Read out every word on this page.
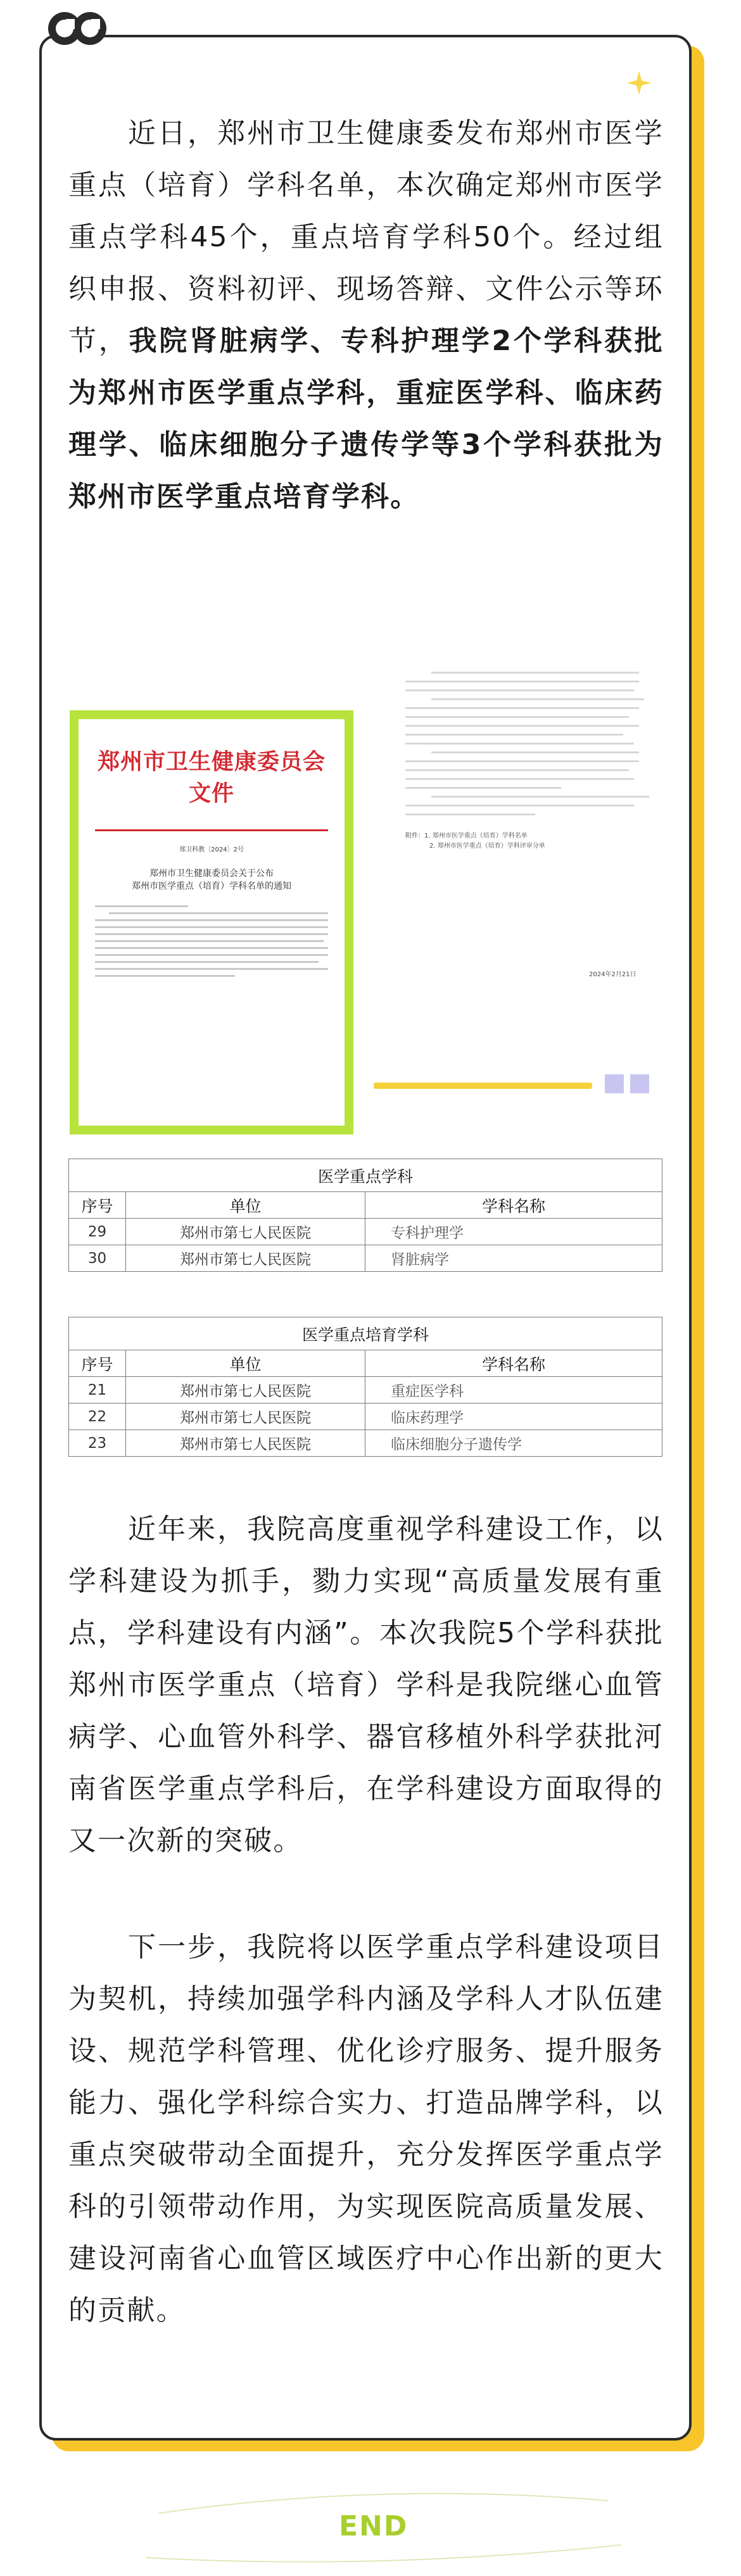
近日，郑州市卫生健康委发布郑州市医学重点（培育）学科名单，本次确定郑州市医学重点学科45个，重点培育学科50个。经过组织申报、资料初评、现场答辩、文件公示等环节，我院肾脏病学、专科护理学2个学科获批为郑州市医学重点学科，重症医学科、临床药理学、临床细胞分子遗传学等3个学科获批为郑州市医学重点培育学科。
附件：1. 郑州市医学重点（培育）学科名单
2. 郑州市医学重点（培育）学科评审分单
2024年2月21日
郑州市卫生健康委员会文件
郑卫科教〔2024〕2号
郑州市卫生健康委员会关于公布
郑州市医学重点（培育）学科名单的通知
医学重点学科		
序号	单位	学科名称
29	郑州市第七人民医院	专科护理学
30	郑州市第七人民医院	肾脏病学
医学重点培育学科		
序号	单位	学科名称
21	郑州市第七人民医院	重症医学科
22	郑州市第七人民医院	临床药理学
23	郑州市第七人民医院	临床细胞分子遗传学
近年来，我院高度重视学科建设工作，以学科建设为抓手，勠力实现“高质量发展有重点，学科建设有内涵”。本次我院5个学科获批郑州市医学重点（培育）学科是我院继心血管病学、心血管外科学、器官移植外科学获批河南省医学重点学科后，在学科建设方面取得的又一次新的突破。
下一步，我院将以医学重点学科建设项目为契机，持续加强学科内涵及学科人才队伍建设、规范学科管理、优化诊疗服务、提升服务能力、强化学科综合实力、打造品牌学科，以重点突破带动全面提升，充分发挥医学重点学科的引领带动作用，为实现医院高质量发展、建设河南省心血管区域医疗中心作出新的更大的贡献。
END
